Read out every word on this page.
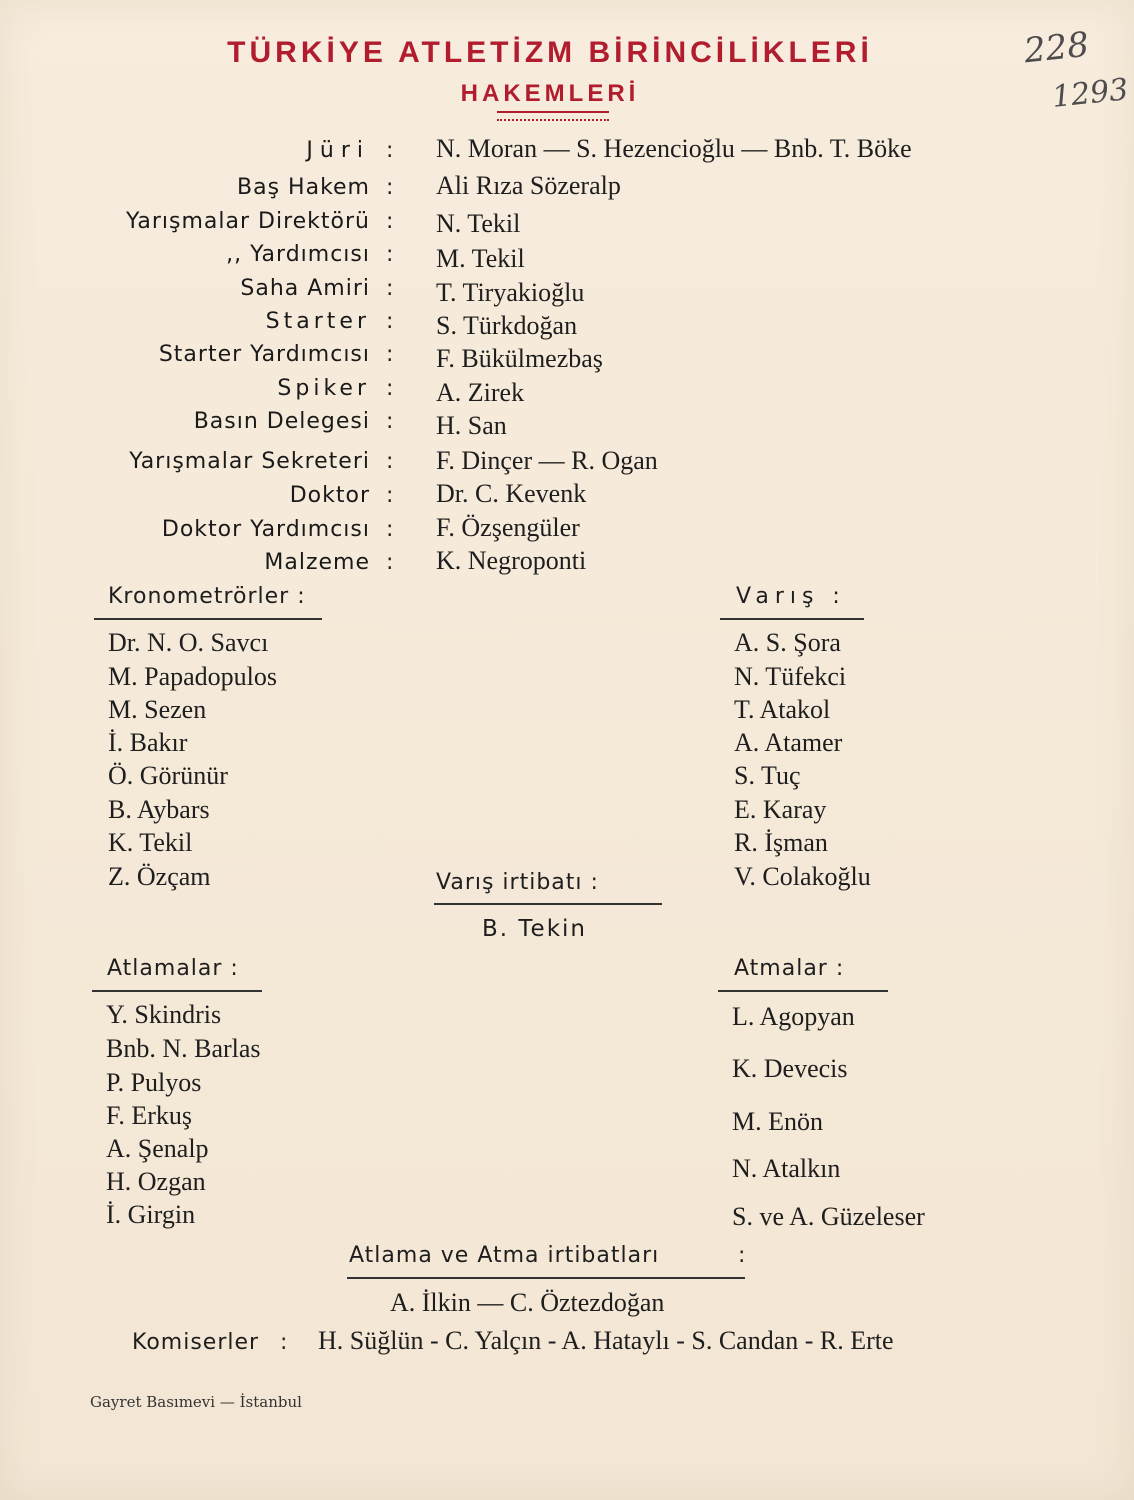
TÜRKİYE ATLETİZM BİRİNCİLİKLERİ
HAKEMLERİ
228
1293
Jüri : N. Moran — S. Hezencioğlu — Bnb. T. Böke
Baş Hakem : Ali Rıza Sözeralp
Yarışmalar Direktörü : N. Tekil
,, Yardımcısı : M. Tekil
Saha Amiri : T. Tiryakioğlu
Starter : S. Türkdoğan
Starter Yardımcısı : F. Bükülmezbaş
Spiker : A. Zirek
Basın Delegesi : H. San
Yarışmalar Sekreteri : F. Dinçer — R. Ogan
Doktor : Dr. C. Kevenk
Doktor Yardımcısı : F. Özşengüler
Malzeme : K. Negroponti
Kronometrörler :
Dr. N. O. Savcı
M. Papadopulos
M. Sezen
İ. Bakır
Ö. Görünür
B. Aybars
K. Tekil
Z. Özçam
Varış :
A. S. Şora
N. Tüfekci
T. Atakol
A. Atamer
S. Tuç
E. Karay
R. İşman
V. Colakoğlu
Varış irtibatı :
B. Tekin
Atlamalar :
Y. Skindris
Bnb. N. Barlas
P. Pulyos
F. Erkuş
A. Şenalp
H. Ozgan
İ. Girgin
Atmalar :
L. Agopyan
K. Devecis
M. Enön
N. Atalkın
S. ve A. Güzeleser
Atlama ve Atma irtibatları	:
A. İlkin — C. Öztezdoğan
Komiserler : H. Süğlün - C. Yalçın - A. Hataylı - S. Candan - R. Erte
Gayret Basımevi — İstanbul
